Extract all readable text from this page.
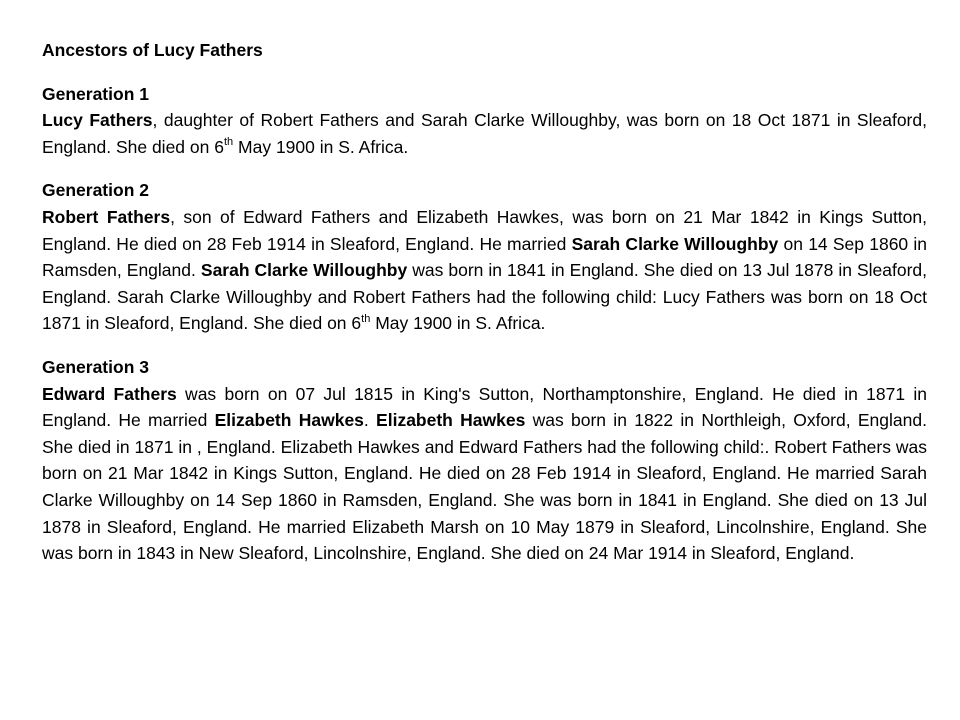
Ancestors of Lucy Fathers

Generation 1

Lucy Fathers, daughter of Robert Fathers and Sarah Clarke Willoughby, was born on 18 Oct 1871 in Sleaford, England. She died on 6th May 1900 in S. Africa.

Generation 2

Robert Fathers, son of Edward Fathers and Elizabeth Hawkes, was born on 21 Mar 1842 in Kings Sutton, England. He died on 28 Feb 1914 in Sleaford, England. He married Sarah Clarke Willoughby on 14 Sep 1860 in Ramsden, England. Sarah Clarke Willoughby was born in 1841 in England. She died on 13 Jul 1878 in Sleaford, England. Sarah Clarke Willoughby and Robert Fathers had the following child: Lucy Fathers was born on 18 Oct 1871 in Sleaford, England. She died on 6th May 1900 in S. Africa.

Generation 3

Edward Fathers was born on 07 Jul 1815 in King's Sutton, Northamptonshire, England. He died in 1871 in England. He married Elizabeth Hawkes. Elizabeth Hawkes was born in 1822 in Northleigh, Oxford, England. She died in 1871 in , England. Elizabeth Hawkes and Edward Fathers had the following child:. Robert Fathers was born on 21 Mar 1842 in Kings Sutton, England. He died on 28 Feb 1914 in Sleaford, England. He married Sarah Clarke Willoughby on 14 Sep 1860 in Ramsden, England. She was born in 1841 in England. She died on 13 Jul 1878 in Sleaford, England. He married Elizabeth Marsh on 10 May 1879 in Sleaford, Lincolnshire, England. She was born in 1843 in New Sleaford, Lincolnshire, England. She died on 24 Mar 1914 in Sleaford, England.
